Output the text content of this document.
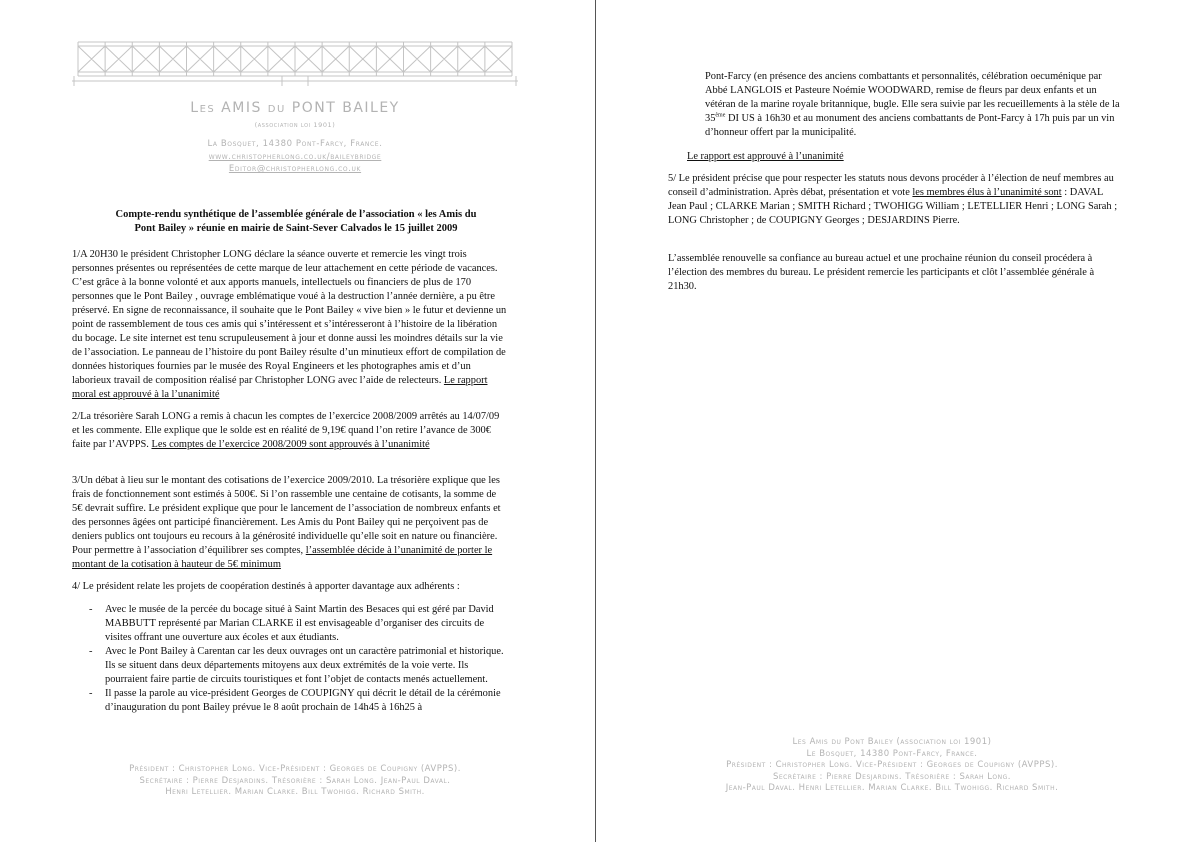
Les AMIS du PONT BAILEY
(association loi 1901)
La Bosquet, 14380 Pont-Farcy, France.
www.christopherlong.co.uk/baileybridge
Editor@christopherlong.co.uk
Compte-rendu synthétique de l’assemblée générale de l’association « les Amis du
Pont Bailey » réunie en mairie de Saint-Sever Calvados le 15 juillet 2009
1/A 20H30 le président Christopher LONG déclare la séance ouverte et remercie les vingt trois personnes présentes ou représentées de cette marque de leur attachement en cette période de vacances. C’est grâce à la bonne volonté et aux apports manuels, intellectuels ou financiers de plus de 170 personnes que le Pont Bailey , ouvrage emblématique voué à la destruction l’année dernière, a pu être préservé. En signe de reconnaissance, il souhaite que le Pont Bailey « vive bien » le futur et devienne un point de rassemblement de tous ces amis qui s’intéressent et s’intéresseront à l’histoire de la libération du bocage. Le site internet est tenu scrupuleusement à jour et donne aussi les moindres détails sur la vie de l’association. Le panneau de l’histoire du pont Bailey résulte d’un minutieux effort de compilation de données historiques fournies par le musée des Royal Engineers et les photographes amis et d’un laborieux travail de composition réalisé par Christopher LONG avec l’aide de relecteurs. Le rapport moral est approuvé à la l’unanimité
2/La trésorière Sarah LONG a remis à chacun les comptes de l’exercice 2008/2009 arrêtés au 14/07/09 et les commente. Elle explique que le solde est en réalité de 9,19€ quand l’on retire l’avance de 300€ faite par l’AVPPS. Les comptes de l’exercice 2008/2009 sont approuvés à l’unanimité
3/Un débat à lieu sur le montant des cotisations de l’exercice 2009/2010. La trésorière explique que les frais de fonctionnement sont estimés à 500€. Si l’on rassemble une centaine de cotisants, la somme de 5€ devrait suffire. Le président explique que pour le lancement de l’association de nombreux enfants et des personnes âgées ont participé financièrement. Les Amis du Pont Bailey qui ne perçoivent pas de deniers publics ont toujours eu recours à la générosité individuelle qu’elle soit en nature ou financière. Pour permettre à l’association d’équilibrer ses comptes, l’assemblée décide à l’unanimité de porter le montant de la cotisation à hauteur de 5€ minimum
4/ Le président relate les projets de coopération destinés à apporter davantage aux adhérents :
- Avec le musée de la percée du bocage situé à Saint Martin des Besaces qui est géré par David MABBUTT représenté par Marian CLARKE il est envisageable d’organiser des circuits de visites offrant une ouverture aux écoles et aux étudiants.
- Avec le Pont Bailey à Carentan car les deux ouvrages ont un caractère patrimonial et historique. Ils se situent dans deux départements mitoyens aux deux extrémités de la voie verte. Ils pourraient faire partie de circuits touristiques et font l’objet de contacts menés actuellement.
- Il passe la parole au vice-président Georges de COUPIGNY qui décrit le détail de la cérémonie d’inauguration du pont Bailey prévue le 8 août prochain de 14h45 à 16h25 à
Président : Christopher Long. Vice-Président : Georges de Coupigny (AVPPS).
Secrétaire : Pierre Desjardins. Trésorière : Sarah Long. Jean-Paul Daval.
Henri Letellier. Marian Clarke. Bill Twohigg. Richard Smith.
Pont-Farcy (en présence des anciens combattants et personnalités, célébration oecuménique par Abbé LANGLOIS et Pasteure Noémie WOODWARD, remise de fleurs par deux enfants et un vétéran de la marine royale britannique, bugle. Elle sera suivie par les recueillements à la stèle de la 35ème DI US à 16h30 et au monument des anciens combattants de Pont-Farcy à 17h puis par un vin d’honneur offert par la municipalité.
Le rapport est approuvé à l’unanimité
5/ Le président précise que pour respecter les statuts nous devons procéder à l’élection de neuf membres au conseil d’administration. Après débat, présentation et vote les membres élus à l’unanimité sont : DAVAL Jean Paul ; CLARKE Marian ; SMITH Richard ; TWOHIGG William ; LETELLIER Henri ; LONG Sarah ; LONG Christopher ; de COUPIGNY Georges ; DESJARDINS Pierre.
L’assemblée renouvelle sa confiance au bureau actuel et une prochaine réunion du conseil procédera à l’élection des membres du bureau. Le président remercie les participants et clôt l’assemblée générale à 21h30.
Les Amis du Pont Bailey (association loi 1901)
Le Bosquet, 14380 Pont-Farcy, France.
Président : Christopher Long. Vice-Président : Georges de Coupigny (AVPPS).
Secrétaire : Pierre Desjardins. Trésorière : Sarah Long.
Jean-Paul Daval. Henri Letellier. Marian Clarke. Bill Twohigg. Richard Smith.
